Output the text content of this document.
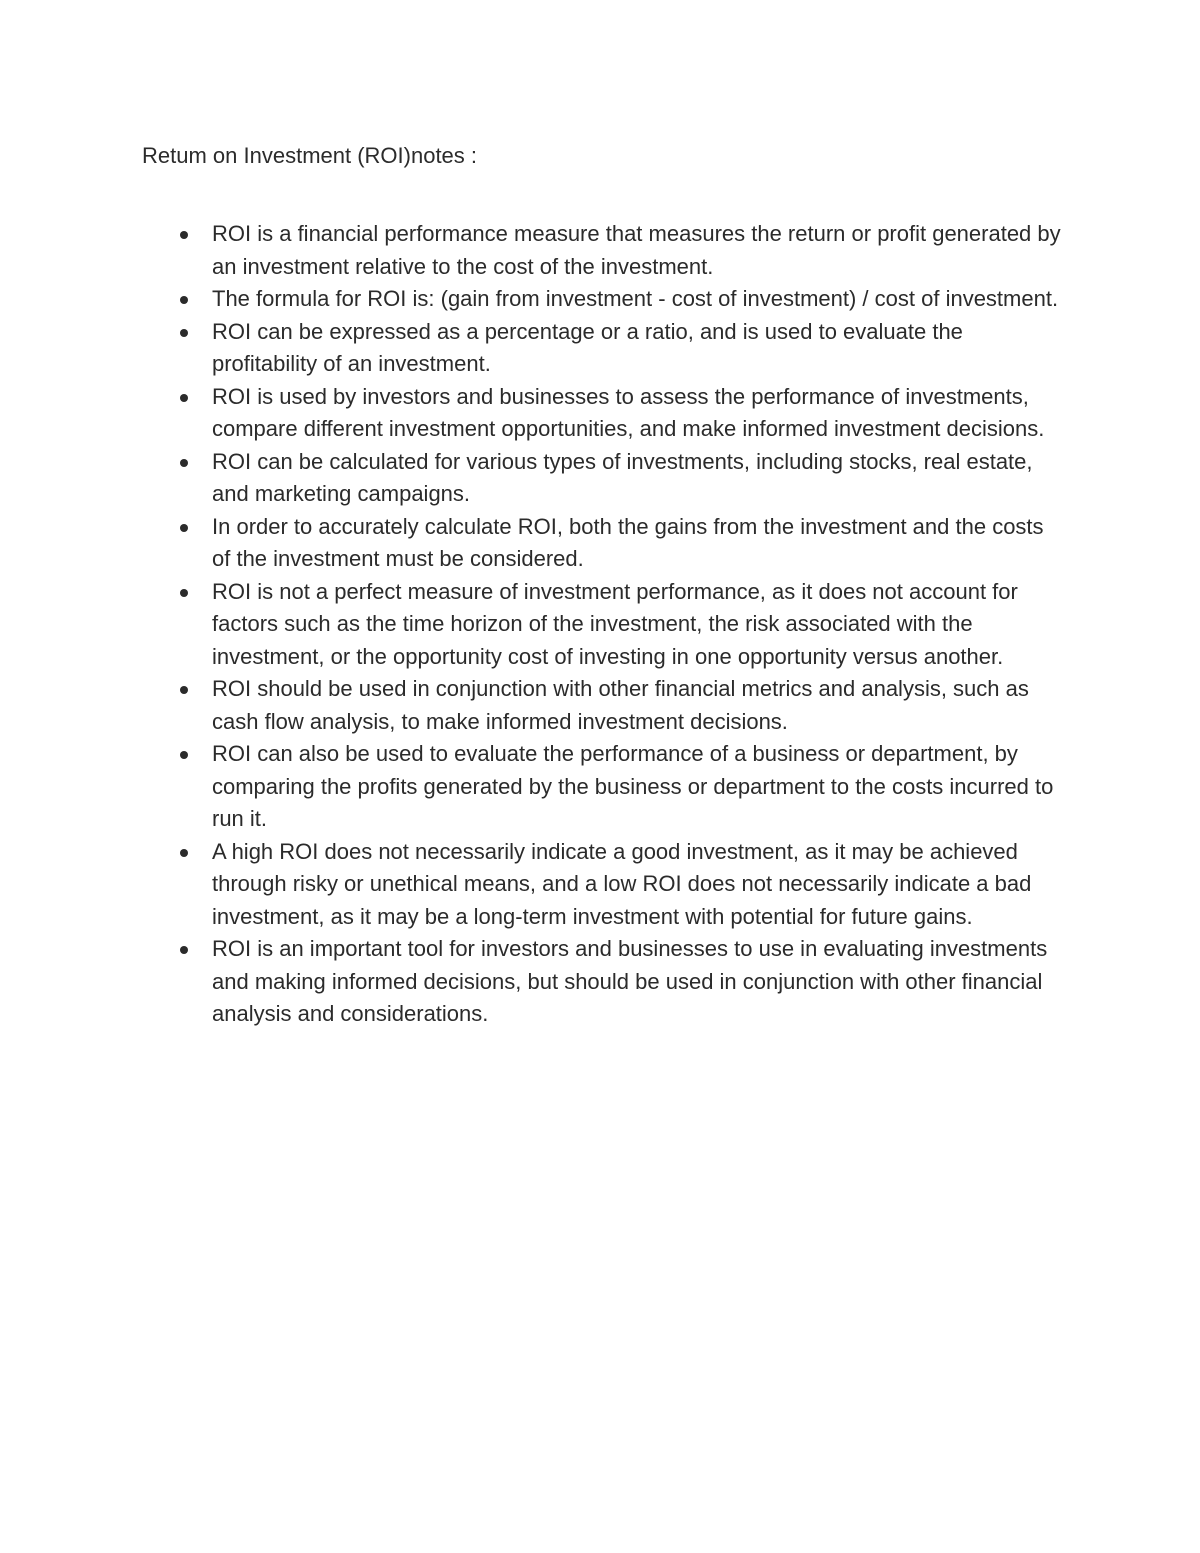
Retum on Investment (ROI)notes :
ROI is a financial performance measure that measures the return or profit generated by an investment relative to the cost of the investment.
The formula for ROI is: (gain from investment - cost of investment) / cost of investment.
ROI can be expressed as a percentage or a ratio, and is used to evaluate the profitability of an investment.
ROI is used by investors and businesses to assess the performance of investments, compare different investment opportunities, and make informed investment decisions.
ROI can be calculated for various types of investments, including stocks, real estate, and marketing campaigns.
In order to accurately calculate ROI, both the gains from the investment and the costs of the investment must be considered.
ROI is not a perfect measure of investment performance, as it does not account for factors such as the time horizon of the investment, the risk associated with the investment, or the opportunity cost of investing in one opportunity versus another.
ROI should be used in conjunction with other financial metrics and analysis, such as cash flow analysis, to make informed investment decisions.
ROI can also be used to evaluate the performance of a business or department, by comparing the profits generated by the business or department to the costs incurred to run it.
A high ROI does not necessarily indicate a good investment, as it may be achieved through risky or unethical means, and a low ROI does not necessarily indicate a bad investment, as it may be a long-term investment with potential for future gains.
ROI is an important tool for investors and businesses to use in evaluating investments and making informed decisions, but should be used in conjunction with other financial analysis and considerations.
